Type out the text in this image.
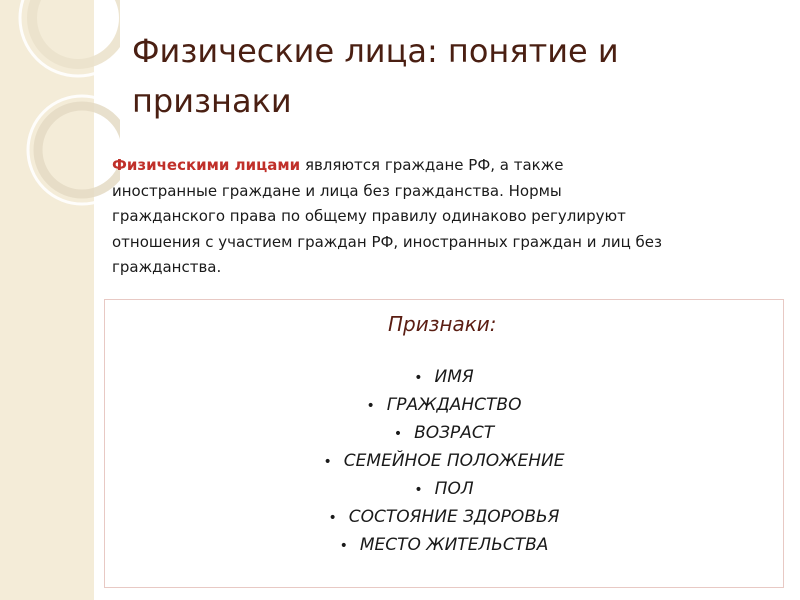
Физические лица: понятие и признаки

Физическими лицами являются граждане РФ, а также иностранные граждане и лица без гражданства. Нормы гражданского права по общему правилу одинаково регулируют отношения с участием граждан РФ, иностранных граждан и лиц без гражданства.

Признаки:
• ИМЯ
• ГРАЖДАНСТВО
• ВОЗРАСТ
• СЕМЕЙНОЕ ПОЛОЖЕНИЕ
• ПОЛ
• СОСТОЯНИЕ ЗДОРОВЬЯ
• МЕСТО ЖИТЕЛЬСТВА
